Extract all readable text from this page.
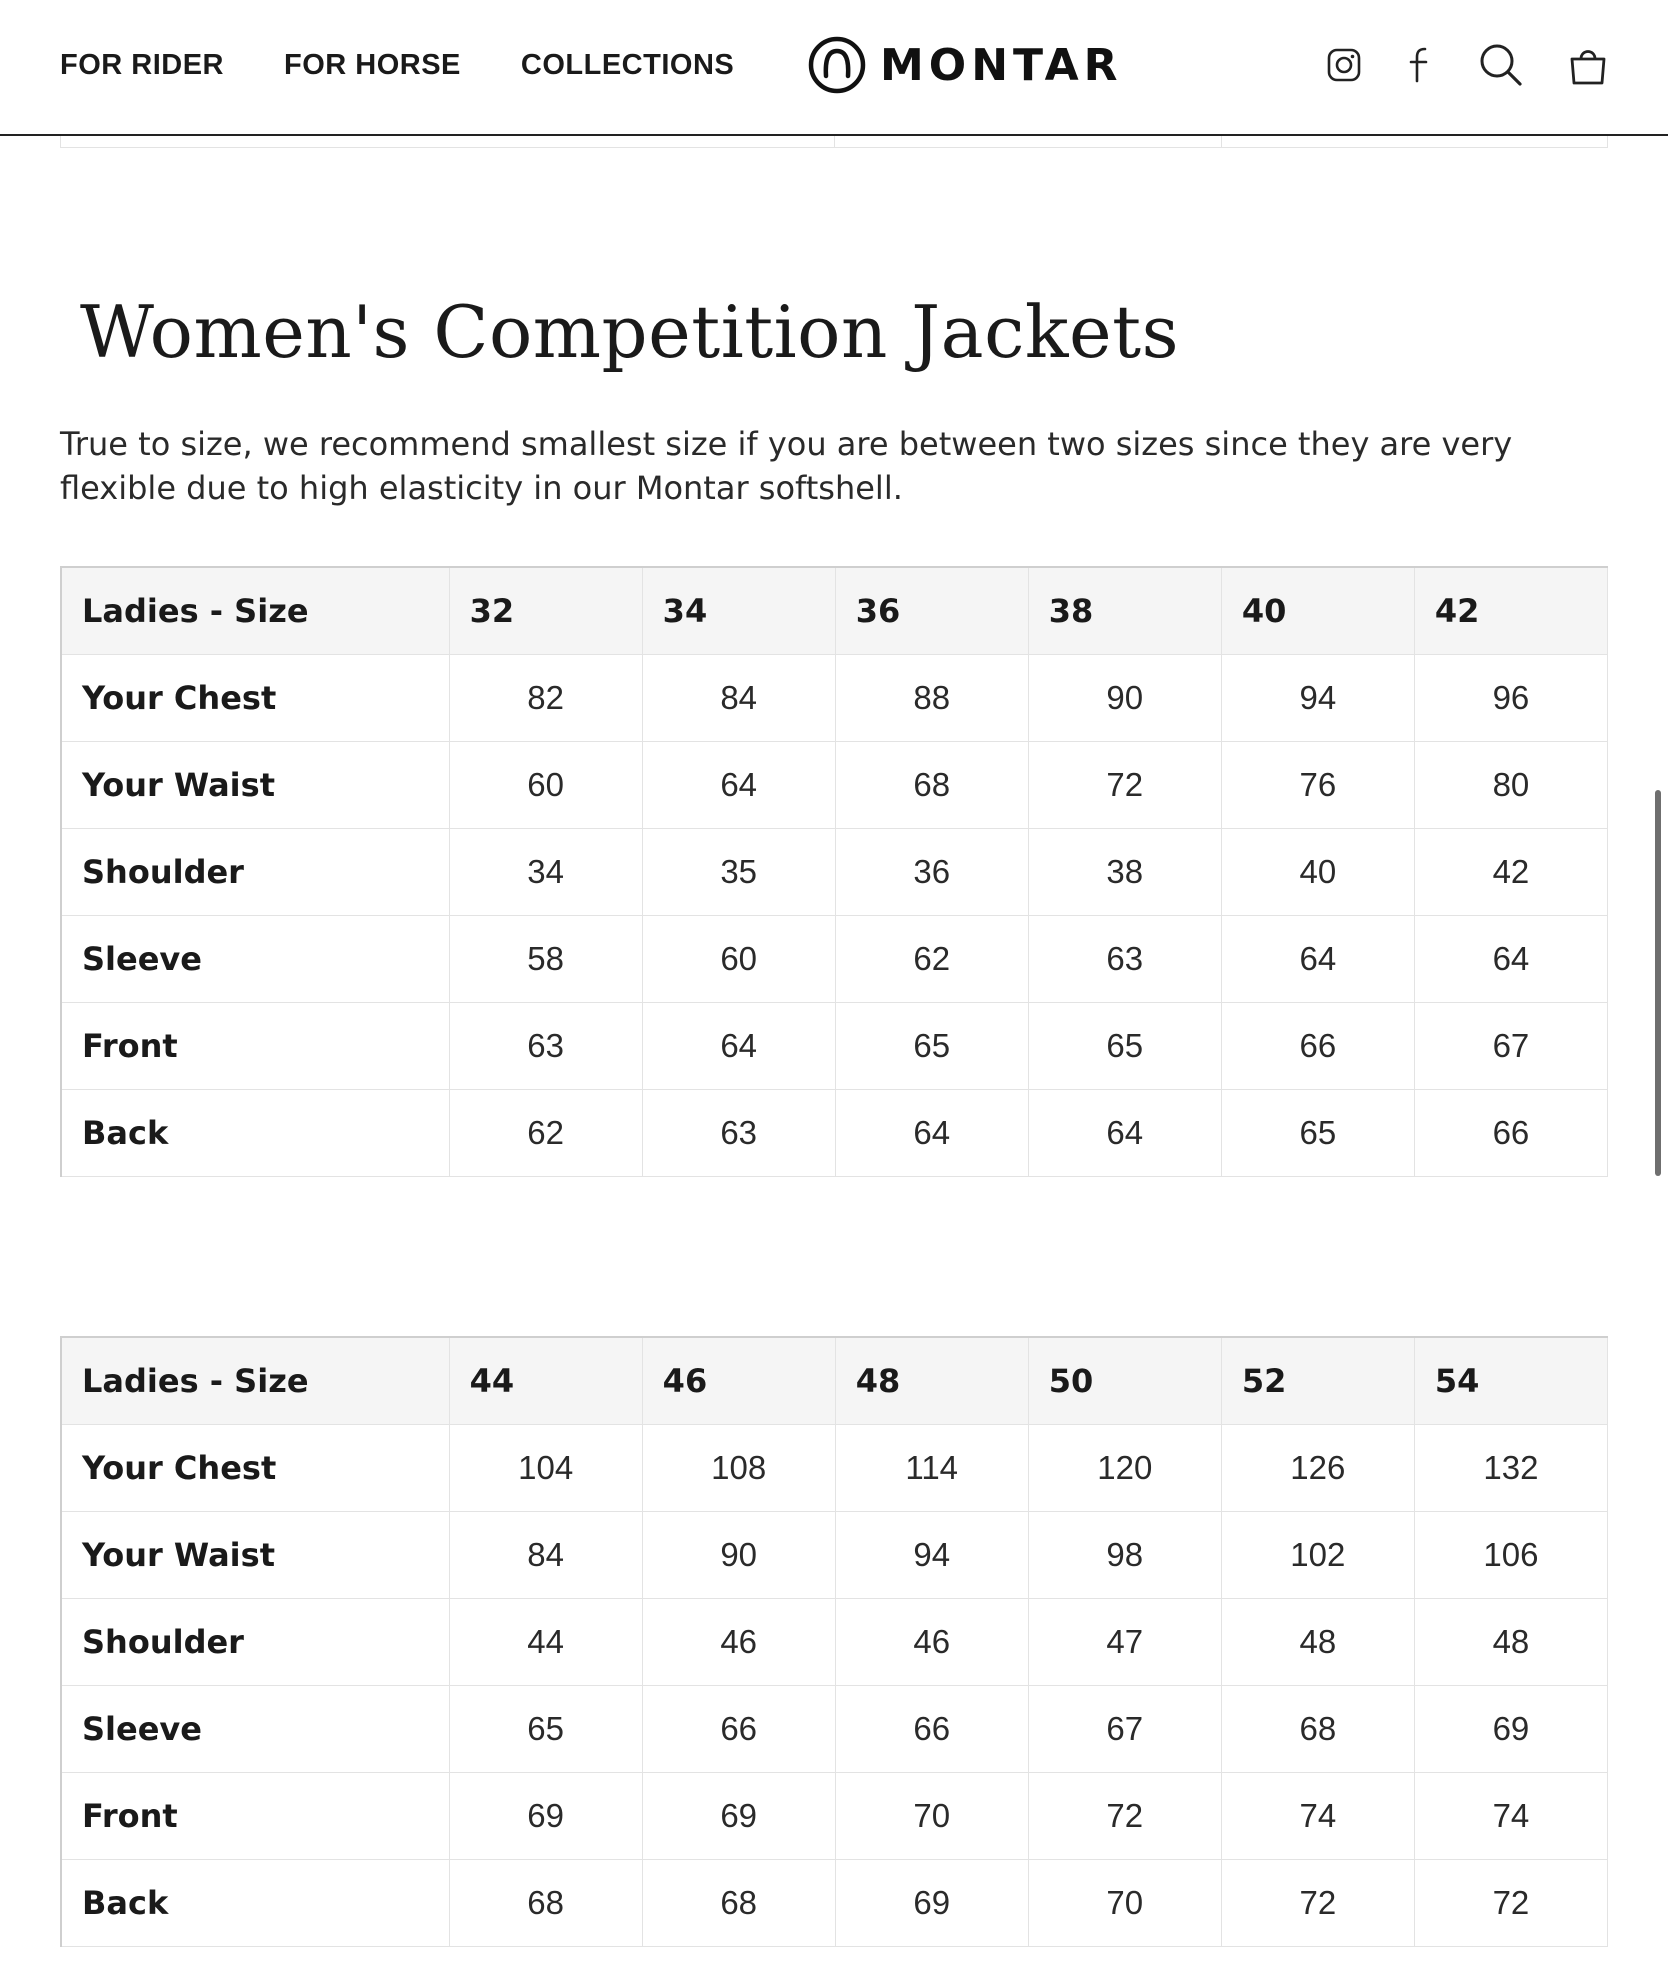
FOR RIDER FOR HORSE COLLECTIONS	MONTAR
Women's Competition Jackets

True to size, we recommend smallest size if you are between two sizes since they are very flexible due to high elasticity in our Montar softshell.

Ladies - Size	32	34	36	38	40	42
Your Chest	82	84	88	90	94	96
Your Waist	60	64	68	72	76	80
Shoulder	34	35	36	38	40	42
Sleeve	58	60	62	63	64	64
Front	63	64	65	65	66	67
Back	62	63	64	64	65	66
Ladies - Size	44	46	48	50	52	54
Your Chest	104	108	114	120	126	132
Your Waist	84	90	94	98	102	106
Shoulder	44	46	46	47	48	48
Sleeve	65	66	66	67	68	69
Front	69	69	70	72	74	74
Back	68	68	69	70	72	72
